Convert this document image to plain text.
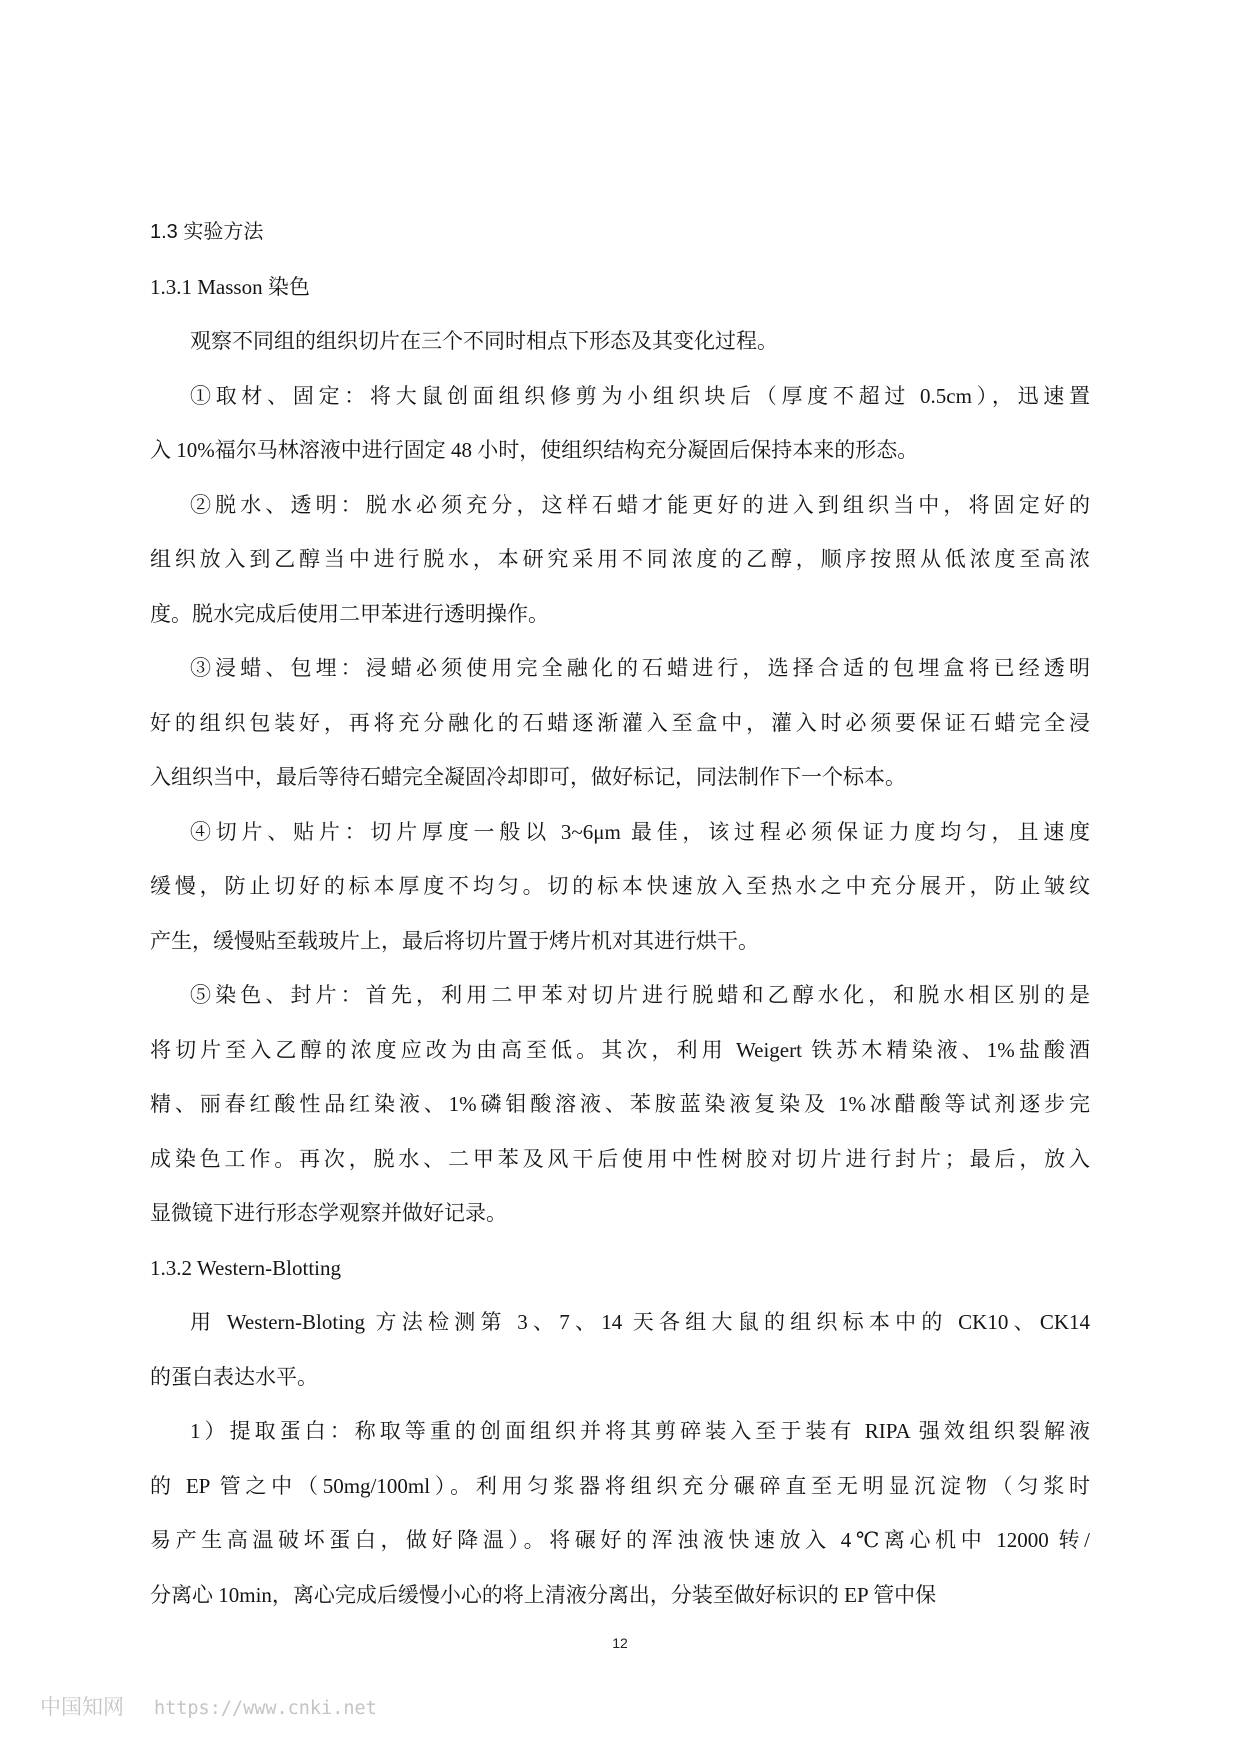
1.3 实验方法
1.3.1 Masson 染色
观察不同组的组织切片在三个不同时相点下形态及其变化过程。
①取材、固定：将大鼠创面组织修剪为小组织块后（厚度不超过 0.5cm），迅速置
入 10%福尔马林溶液中进行固定 48 小时，使组织结构充分凝固后保持本来的形态。
②脱水、透明：脱水必须充分，这样石蜡才能更好的进入到组织当中，将固定好的
组织放入到乙醇当中进行脱水，本研究采用不同浓度的乙醇，顺序按照从低浓度至高浓
度。脱水完成后使用二甲苯进行透明操作。
③浸蜡、包埋：浸蜡必须使用完全融化的石蜡进行，选择合适的包埋盒将已经透明
好的组织包装好，再将充分融化的石蜡逐渐灌入至盒中，灌入时必须要保证石蜡完全浸
入组织当中，最后等待石蜡完全凝固冷却即可，做好标记，同法制作下一个标本。
④切片、贴片：切片厚度一般以 3~6μm 最佳，该过程必须保证力度均匀，且速度
缓慢，防止切好的标本厚度不均匀。切的标本快速放入至热水之中充分展开，防止皱纹
产生，缓慢贴至载玻片上，最后将切片置于烤片机对其进行烘干。
⑤染色、封片：首先，利用二甲苯对切片进行脱蜡和乙醇水化，和脱水相区别的是
将切片至入乙醇的浓度应改为由高至低。其次，利用 Weigert 铁苏木精染液、1%盐酸酒
精、丽春红酸性品红染液、1%磷钼酸溶液、苯胺蓝染液复染及 1%冰醋酸等试剂逐步完
成染色工作。再次，脱水、二甲苯及风干后使用中性树胶对切片进行封片；最后，放入
显微镜下进行形态学观察并做好记录。
1.3.2 Western-Blotting
用 Western-Bloting 方法检测第 3、7、14 天各组大鼠的组织标本中的 CK10、CK14
的蛋白表达水平。
1）提取蛋白：称取等重的创面组织并将其剪碎装入至于装有 RIPA 强效组织裂解液
的 EP 管之中（50mg/100ml）。利用匀浆器将组织充分碾碎直至无明显沉淀物（匀浆时
易产生高温破坏蛋白，做好降温）。将碾好的浑浊液快速放入 4℃离心机中 12000 转/
分离心 10min，离心完成后缓慢小心的将上清液分离出，分装至做好标识的 EP 管中保
12
中国知网 https://www.cnki.net
